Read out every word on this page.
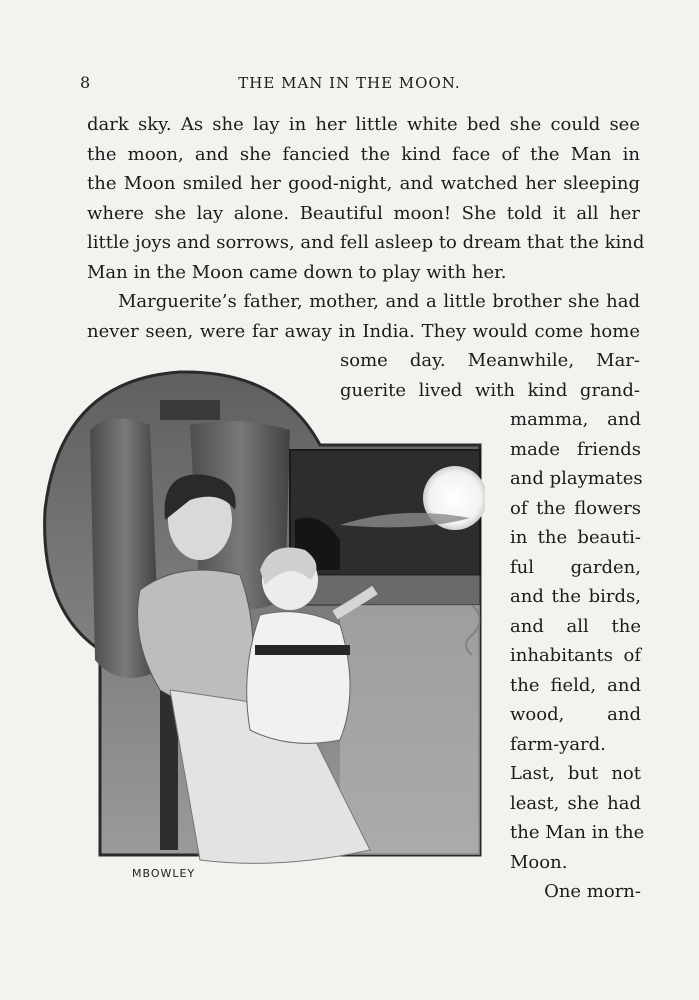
8	THE MAN IN THE MOON.
dark sky. As she lay in her little white bed she could see
the moon, and she fancied the kind face of the Man in
the Moon smiled her good-night, and watched her sleeping
where she lay alone. Beautiful moon! She told it all her
little joys and sorrows, and fell asleep to dream that the kind
Man in the Moon came down to play with her.
Marguerite’s father, mother, and a little brother she had
never seen, were far away in India. They would come home
some day. Meanwhile, Mar-
guerite lived with kind grand-
mamma, and
made friends
and playmates
of the flowers
in the beauti-
ful garden,
and the birds,
and all the
inhabitants of
the field, and
wood, and
farm-yard.
Last, but not
least, she had
the Man in the
Moon.
One morn-
MBOWLEY
